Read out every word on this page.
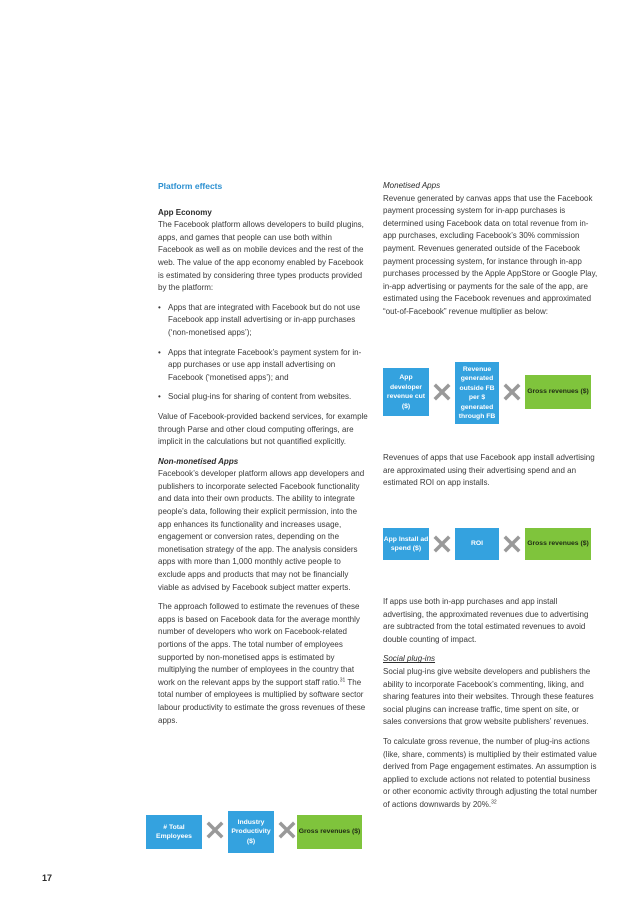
Platform effects

App Economy

The Facebook platform allows developers to build plugins, apps, and games that people can use both within Facebook as well as on mobile devices and the rest of the web. The value of the app economy enabled by Facebook is estimated by considering three types products provided by the platform:

• Apps that are integrated with Facebook but do not use Facebook app install advertising or in-app purchases (‘non-monetised apps’);

• Apps that integrate Facebook’s payment system for in-app purchases or use app install advertising on Facebook (‘monetised apps’); and

• Social plug-ins for sharing of content from websites.

Value of Facebook-provided backend services, for example through Parse and other cloud computing offerings, are implicit in the calculations but not quantified explicitly.

Non-monetised Apps

Facebook’s developer platform allows app developers and publishers to incorporate selected Facebook functionality and data into their own products. The ability to integrate people’s data, following their explicit permission, into the app enhances its functionality and increases usage, engagement or conversion rates, depending on the monetisation strategy of the app. The analysis considers apps with more than 1,000 monthly active people to exclude apps and products that may not be financially viable as advised by Facebook subject matter experts.

The approach followed to estimate the revenues of these apps is based on Facebook data for the average monthly number of developers who work on Facebook-related portions of the apps. The total number of employees supported by non-monetised apps is estimated by multiplying the number of employees in the country that work on the relevant apps by the support staff ratio.$^{31}$ The total number of employees is multiplied by software sector labour productivity to estimate the gross revenues of these apps.

# Total Employees
Industry Productivity ($)
Gross revenues ($)

Monetised Apps

Revenue generated by canvas apps that use the Facebook payment processing system for in-app purchases is determined using Facebook data on total revenue from in-app purchases, excluding Facebook’s 30% commission payment. Revenues generated outside of the Facebook payment processing system, for instance through in-app purchases processed by the Apple AppStore or Google Play, in-app advertising or payments for the sale of the app, are estimated using the Facebook revenues and approximated “out-of-Facebook” revenue multiplier as below:

App developer revenue cut ($)
Revenue generated outside FB per $ generated through FB
Gross revenues ($)

Revenues of apps that use Facebook app install advertising are approximated using their advertising spend and an estimated ROI on app installs.

App Install ad spend ($)
ROI	Gross revenues ($)

If apps use both in-app purchases and app install advertising, the approximated revenues due to advertising are subtracted from the total estimated revenues to avoid double counting of impact.

Social plug-ins

Social plug-ins give website developers and publishers the ability to incorporate Facebook’s commenting, liking, and sharing features into their websites. Through these features social plugins can increase traffic, time spent on site, or sales conversions that grow website publishers’ revenues.

To calculate gross revenue, the number of plug-ins actions (like, share, comments) is multiplied by their estimated value derived from Page engagement estimates. An assumption is applied to exclude actions not related to potential business or other economic activity through adjusting the total number of actions downwards by 20%.$^{32}$

17
